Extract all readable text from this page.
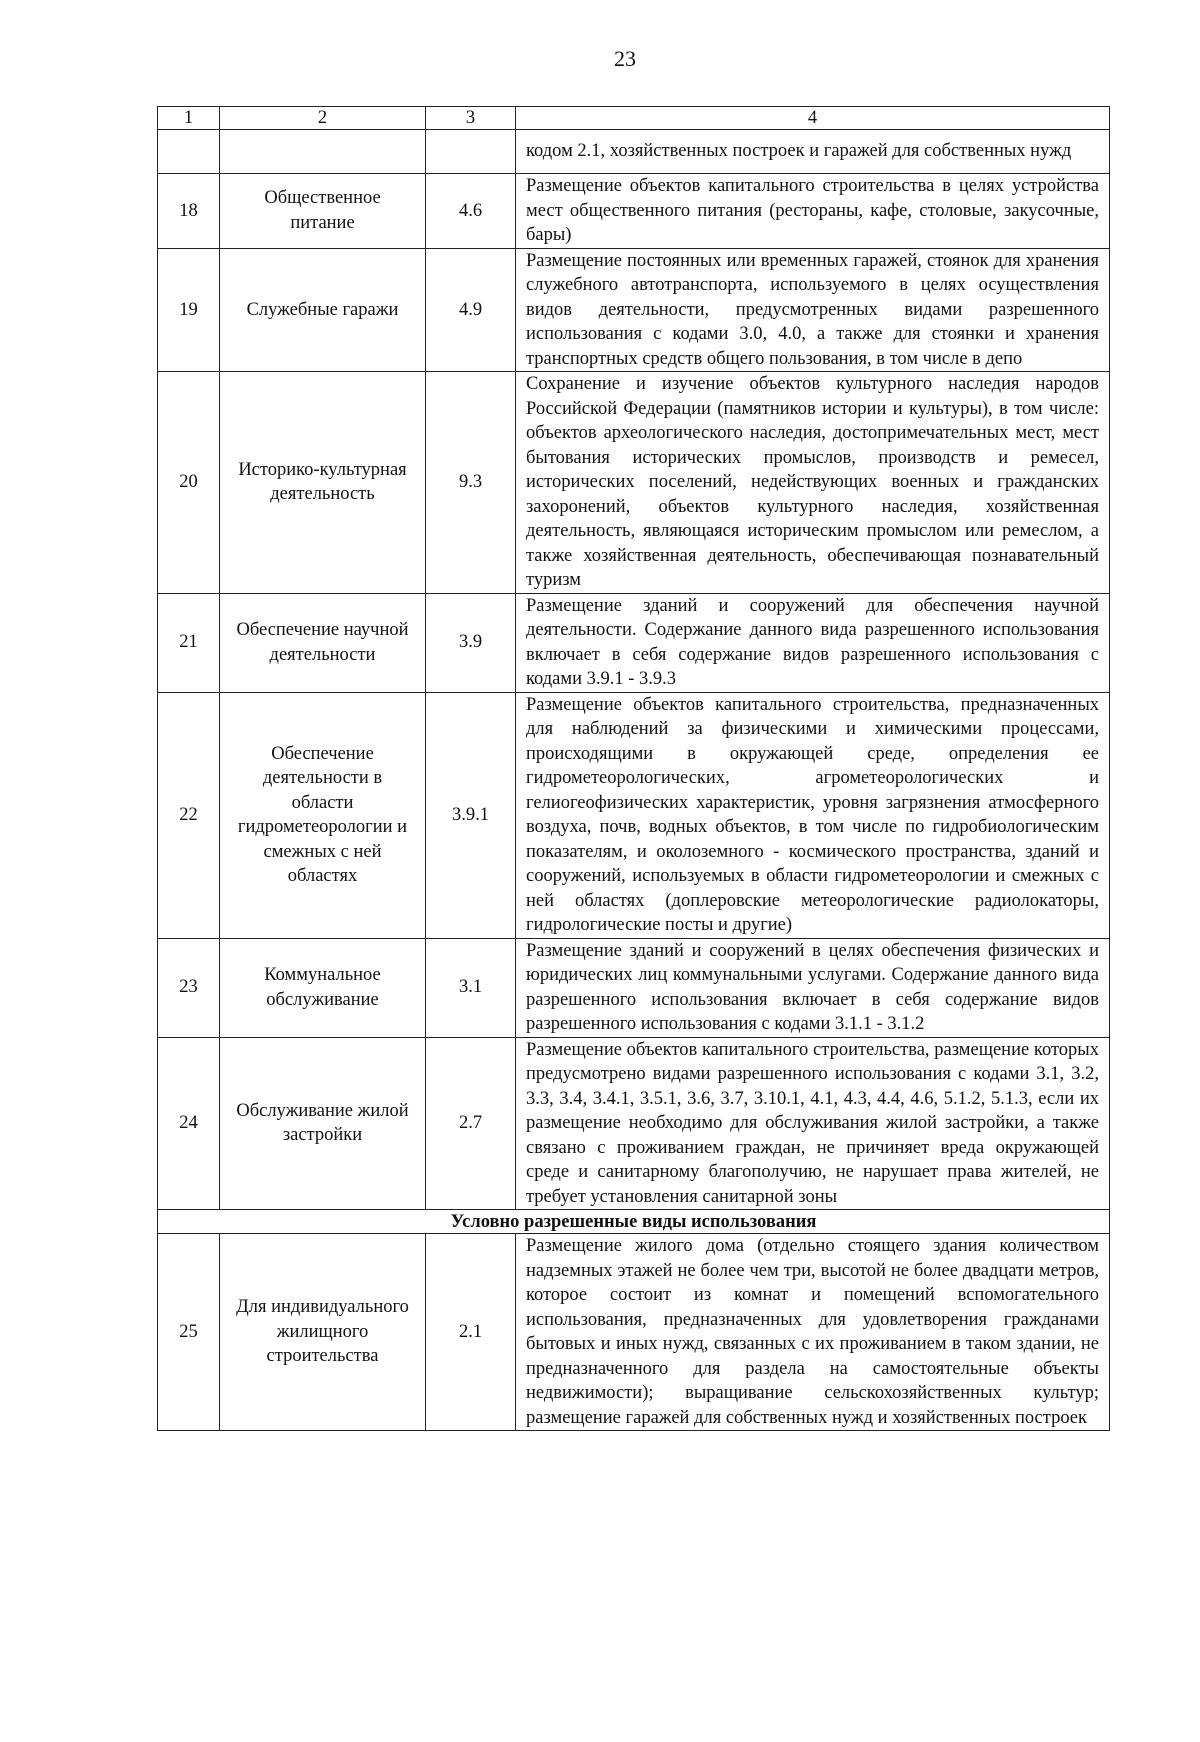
23
1	2	3	4
			кодом 2.1, хозяйственных построек и гаражей для собственных нужд
18	Общественное питание	4.6	Размещение объектов капитального строительства в целях устройства мест общественного питания (рестораны, кафе, столовые, закусочные, бары)
19	Служебные гаражи	4.9	Размещение постоянных или временных гаражей, стоянок для хранения служебного автотранспорта, используемого в целях осуществления видов деятельности, предусмотренных видами разрешенного использования с кодами 3.0, 4.0, а также для стоянки и хранения транспортных средств общего пользования, в том числе в депо
20	Историко-культурная деятельность	9.3	Сохранение и изучение объектов культурного наследия народов Российской Федерации (памятников истории и культуры), в том числе: объектов археологического наследия, достопримечательных мест, мест бытования исторических промыслов, производств и ремесел, исторических поселений, недействующих военных и гражданских захоронений, объектов культурного наследия, хозяйственная деятельность, являющаяся историческим промыслом или ремеслом, а также хозяйственная деятельность, обеспечивающая познавательный туризм
21	Обеспечение научной деятельности	3.9	Размещение зданий и сооружений для обеспечения научной деятельности. Содержание данного вида разрешенного использования включает в себя содержание видов разрешенного использования с кодами 3.9.1 - 3.9.3
22	Обеспечение деятельности в области гидрометеорологии и смежных с ней областях	3.9.1	Размещение объектов капитального строительства, предназначенных для наблюдений за физическими и химическими процессами, происходящими в окружающей среде, определения ее гидрометеорологических, агрометеорологических и гелиогеофизических характеристик, уровня загрязнения атмосферного воздуха, почв, водных объектов, в том числе по гидробиологическим показателям, и околоземного - космического пространства, зданий и сооружений, используемых в области гидрометеорологии и смежных с ней областях (доплеровские метеорологические радиолокаторы, гидрологические посты и другие)
23	Коммунальное обслуживание	3.1	Размещение зданий и сооружений в целях обеспечения физических и юридических лиц коммунальными услугами. Содержание данного вида разрешенного использования включает в себя содержание видов разрешенного использования с кодами 3.1.1 - 3.1.2
24	Обслуживание жилой застройки	2.7	Размещение объектов капитального строительства, размещение которых предусмотрено видами разрешенного использования с кодами 3.1, 3.2, 3.3, 3.4, 3.4.1, 3.5.1, 3.6, 3.7, 3.10.1, 4.1, 4.3, 4.4, 4.6, 5.1.2, 5.1.3, если их размещение необходимо для обслуживания жилой застройки, а также связано с проживанием граждан, не причиняет вреда окружающей среде и санитарному благополучию, не нарушает права жителей, не требует установления санитарной зоны
Условно разрешенные виды использования			
25	Для индивидуального жилищного строительства	2.1	Размещение жилого дома (отдельно стоящего здания количеством надземных этажей не более чем три, высотой не более двадцати метров, которое состоит из комнат и помещений вспомогательного использования, предназначенных для удовлетворения гражданами бытовых и иных нужд, связанных с их проживанием в таком здании, не предназначенного для раздела на самостоятельные объекты недвижимости); выращивание сельскохозяйственных культур; размещение гаражей для собственных нужд и хозяйственных построек
